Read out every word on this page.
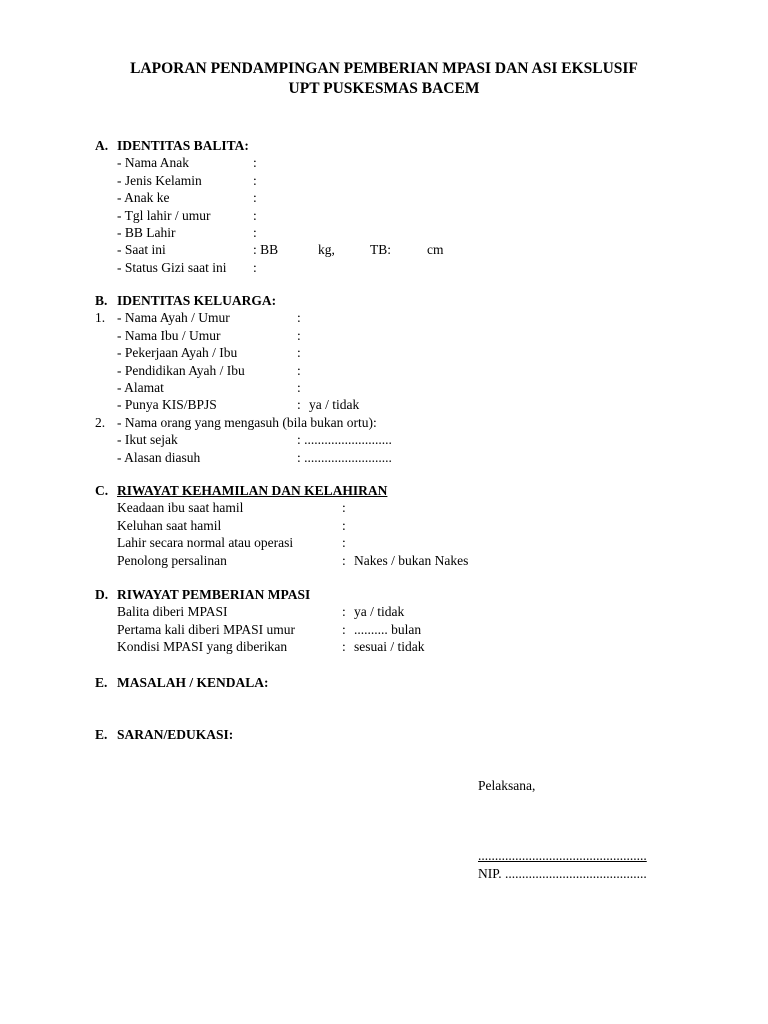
LAPORAN PENDAMPINGAN PEMBERIAN MPASI DAN ASI EKSLUSIF
UPT PUSKESMAS BACEM
A. IDENTITAS BALITA:
- Nama Anak	:
- Jenis Kelamin	:
- Anak ke	:
- Tgl lahir / umur	:
- BB Lahir	:
- Saat ini	: BB	kg,	TB:	cm
- Status Gizi saat ini :
B. IDENTITAS KELUARGA:
1. - Nama Ayah / Umur	:
- Nama Ibu / Umur	:
- Pekerjaan Ayah / Ibu	:
- Pendidikan Ayah / Ibu	:
- Alamat	:
- Punya KIS/BPJS	: ya / tidak
2. - Nama orang yang mengasuh (bila bukan ortu):
- Ikut sejak	: ..........................
- Alasan diasuh	: ..........................
C. RIWAYAT KEHAMILAN DAN KELAHIRAN
Keadaan ibu saat hamil	:
Keluhan saat hamil	:
Lahir secara normal atau operasi	:
Penolong persalinan	: Nakes / bukan Nakes
D. RIWAYAT PEMBERIAN MPASI
Balita diberi MPASI	: ya / tidak
Pertama kali diberi MPASI umur	: .......... bulan
Kondisi MPASI yang diberikan	: sesuai / tidak
E. MASALAH / KENDALA:
E. SARAN/EDUKASI:
Pelaksana,
..................................................
NIP. ..........................................
